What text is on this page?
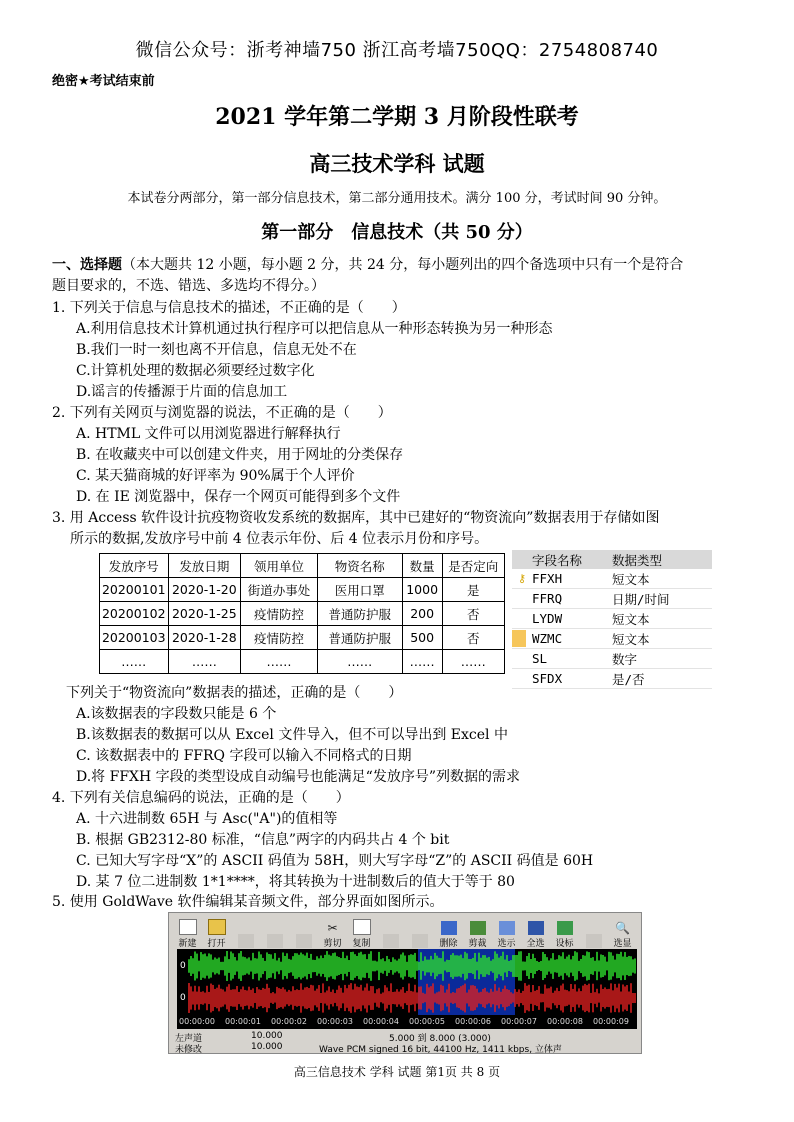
微信公众号：浙考神墙750 浙江高考墙750QQ：2754808740
绝密★考试结束前
2021 学年第二学期 3 月阶段性联考
高三技术学科 试题
本试卷分两部分，第一部分信息技术，第二部分通用技术。满分 100 分，考试时间 90 分钟。
第一部分　信息技术（共 50 分）
一、选择题（本大题共 12 小题，每小题 2 分，共 24 分，每小题列出的四个备选项中只有一个是符合
题目要求的，不选、错选、多选均不得分。）
1. 下列关于信息与信息技术的描述，不正确的是（　　）
A.利用信息技术计算机通过执行程序可以把信息从一种形态转换为另一种形态
B.我们一时一刻也离不开信息，信息无处不在
C.计算机处理的数据必须要经过数字化
D.谣言的传播源于片面的信息加工
2. 下列有关网页与浏览器的说法，不正确的是（　　）
A. HTML 文件可以用浏览器进行解释执行
B. 在收藏夹中可以创建文件夹，用于网址的分类保存
C. 某天猫商城的好评率为 90%属于个人评价
D. 在 IE 浏览器中，保存一个网页可能得到多个文件
3. 用 Access 软件设计抗疫物资收发系统的数据库，其中已建好的“物资流向”数据表用于存储如图
所示的数据,发放序号中前 4 位表示年份、后 4 位表示月份和序号。
发放序号	发放日期	领用单位	物资名称	数量	是否定向
20200101	2020-1-20	街道办事处	医用口罩	1000	是
20200102	2020-1-25	疫情防控	普通防护服	200	否
20200103	2020-1-28	疫情防控	普通防护服	500	否
……	……	……	……	……	……
字段名称	数据类型
⚷ FFXH	短文本
FFRQ	日期/时间
LYDW	短文本
WZMC	短文本
SL	数字
SFDX	是/否
下列关于“物资流向”数据表的描述，正确的是（　　）
A.该数据表的字段数只能是 6 个
B.该数据表的数据可以从 Excel 文件导入，但不可以导出到 Excel 中
C. 该数据表中的 FFRQ 字段可以输入不同格式的日期
D.将 FFXH 字段的类型设成自动编号也能满足“发放序号”列数据的需求
4. 下列有关信息编码的说法，正确的是（　　）
A. 十六进制数 65H 与 Asc("A")的值相等
B. 根据 GB2312-80 标准，“信息”两字的内码共占 4 个 bit
C. 已知大写字母“X”的 ASCII 码值为 58H，则大写字母“Z”的 ASCII 码值是 60H
D. 某 7 位二进制数 1*1****，将其转换为十进制数后的值大于等于 80
5. 使用 GoldWave 软件编辑某音频文件，部分界面如图所示。
新建 打开
✂
剪切 复制	删除 剪裁 选示 全选 设标
🔍
选显
0
0
00:00:00 00:00:01 00:00:02 00:00:03 00:00:04 00:00:05 00:00:06 00:00:07 00:00:08 00:00:09
左声道	10.000	5.000 到 8.000 (3.000)
未修改	10.000	Wave PCM signed 16 bit, 44100 Hz, 1411 kbps, 立体声
高三信息技术 学科 试题 第1页 共 8 页
